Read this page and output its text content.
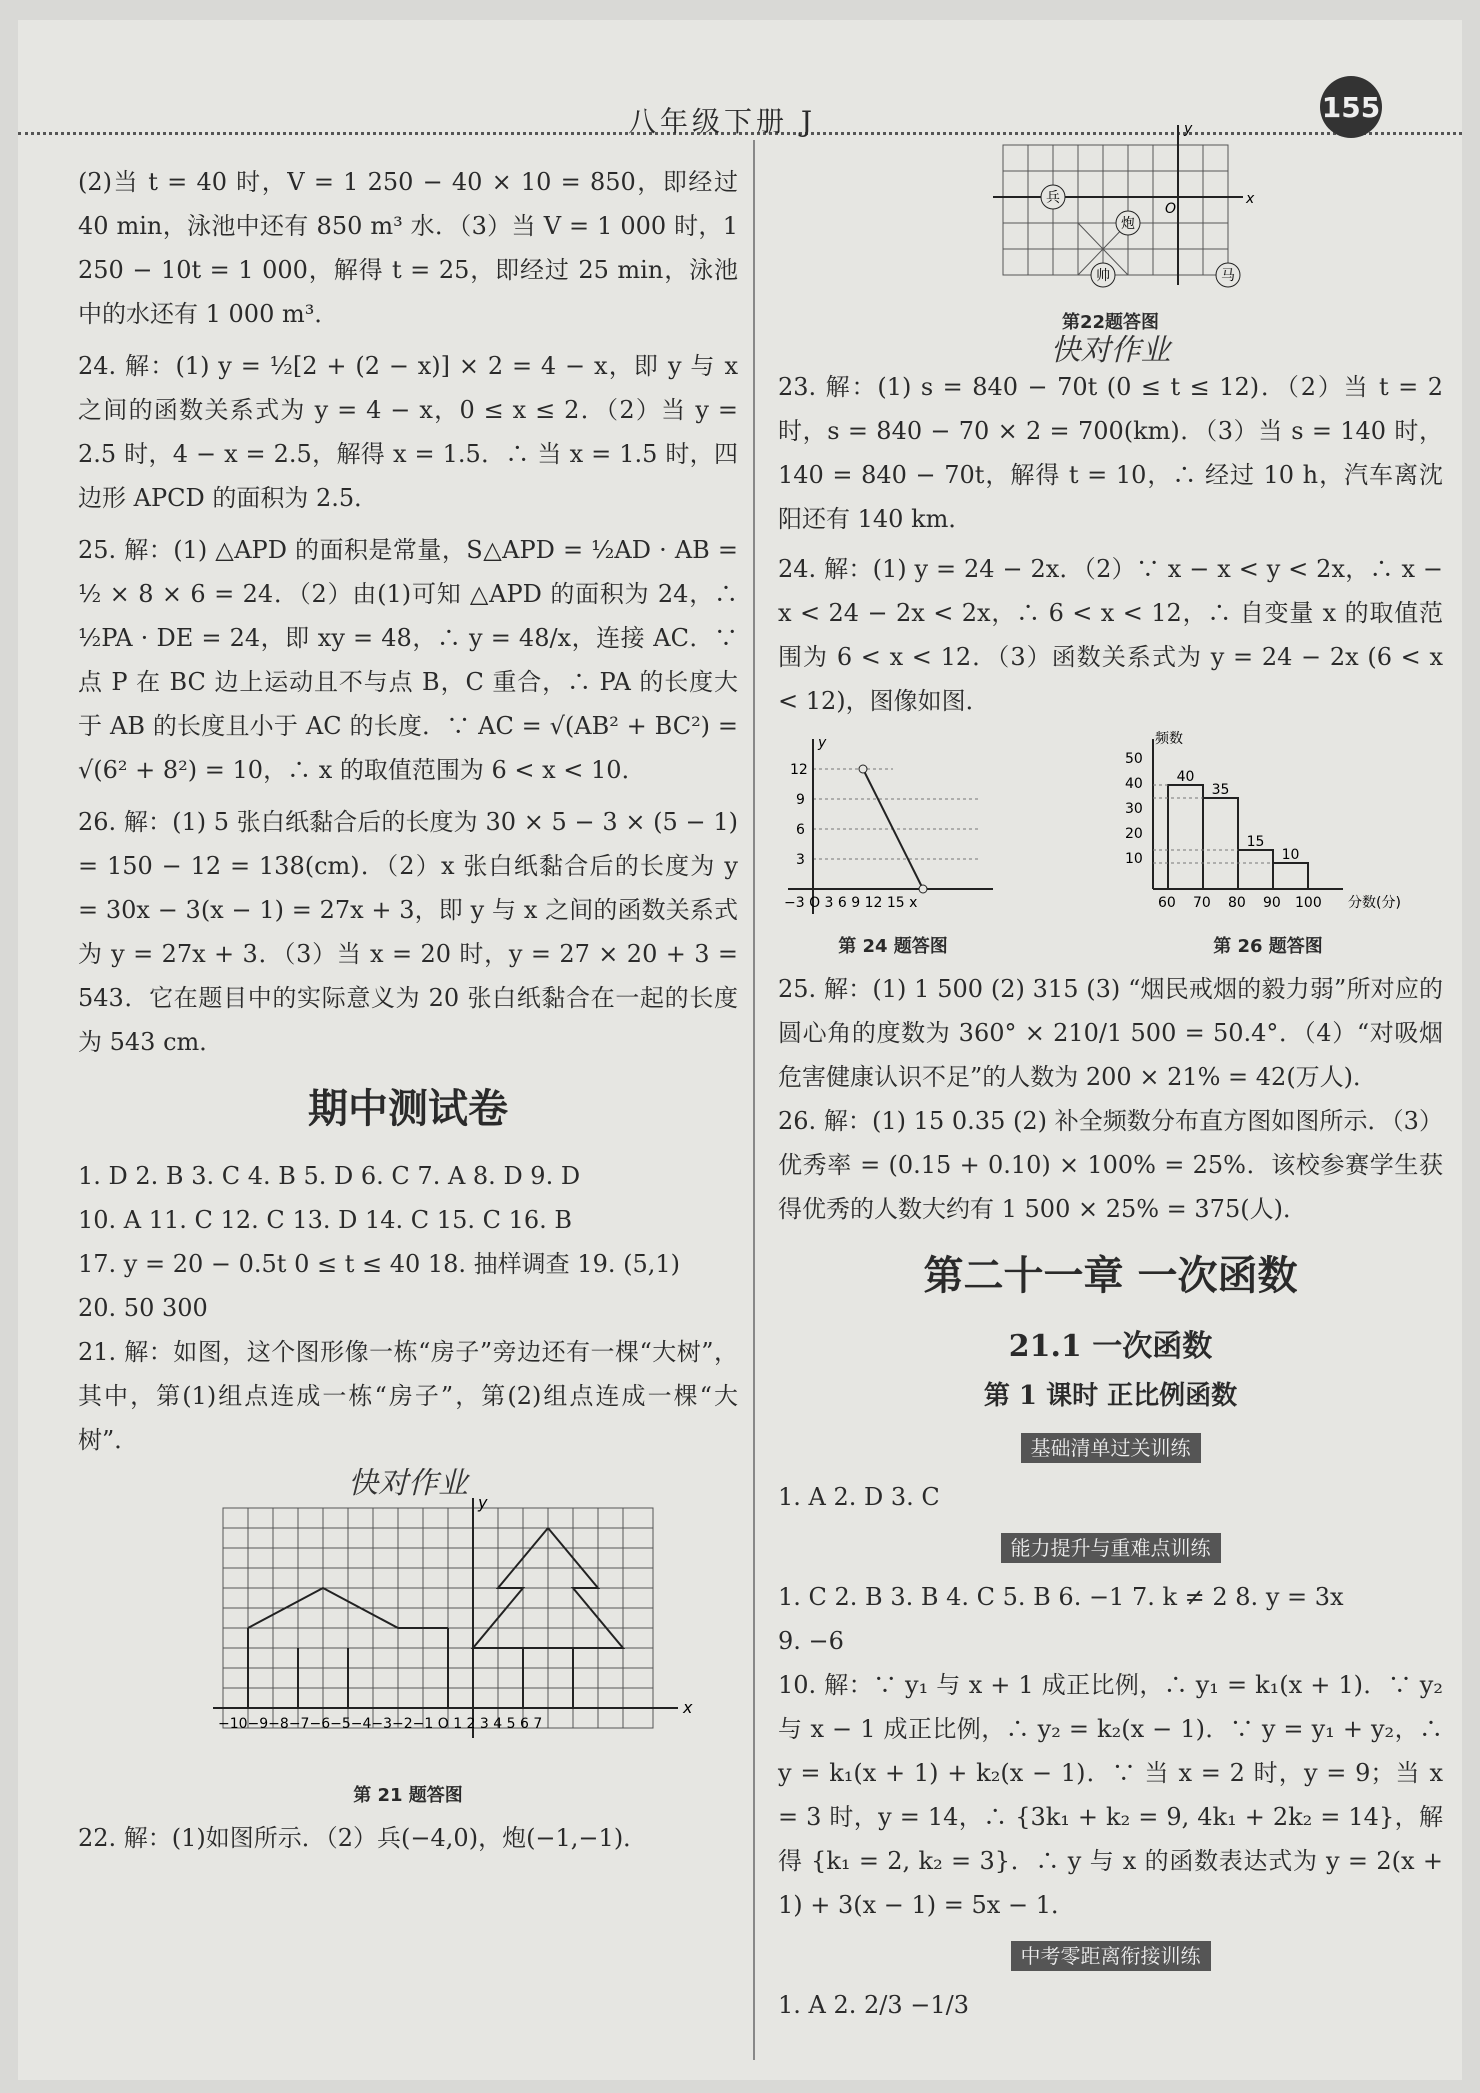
八年级下册 J	155

(2)当 t = 40 时，V = 1 250 − 40 × 10 = 850，即经过 40 min，泳池中还有 850 m³ 水．（3）当 V = 1 000 时，1 250 − 10t = 1 000，解得 t = 25，即经过 25 min，泳池中的水还有 1 000 m³．

24. 解：(1) y = ½[2 + (2 − x)] × 2 = 4 − x，即 y 与 x 之间的函数关系式为 y = 4 − x，0 ≤ x ≤ 2．（2）当 y = 2.5 时，4 − x = 2.5，解得 x = 1.5．∴ 当 x = 1.5 时，四边形 APCD 的面积为 2.5．

25. 解：(1) △APD 的面积是常量，S△APD = ½AD · AB = ½ × 8 × 6 = 24．（2）由(1)可知 △APD 的面积为 24，∴ ½PA · DE = 24，即 xy = 48，∴ y = 48/x，连接 AC．∵ 点 P 在 BC 边上运动且不与点 B，C 重合，∴ PA 的长度大于 AB 的长度且小于 AC 的长度．∵ AC = √(AB² + BC²) = √(6² + 8²) = 10，∴ x 的取值范围为 6 < x < 10．

26. 解：(1) 5 张白纸黏合后的长度为 30 × 5 − 3 × (5 − 1) = 150 − 12 = 138(cm)．（2）x 张白纸黏合后的长度为 y = 30x − 3(x − 1) = 27x + 3，即 y 与 x 之间的函数关系式为 y = 27x + 3．（3）当 x = 20 时，y = 27 × 20 + 3 = 543．它在题目中的实际意义为 20 张白纸黏合在一起的长度为 543 cm．

期中测试卷

1. D 2. B 3. C 4. B 5. D 6. C 7. A 8. D 9. D

10. A 11. C 12. C 13. D 14. C 15. C 16. B

17. y = 20 − 0.5t 0 ≤ t ≤ 40 18. 抽样调查 19. (5,1)

20. 50 300

21. 解：如图，这个图形像一栋“房子”旁边还有一棵“大树”，其中，第(1)组点连成一栋“房子”，第(2)组点连成一棵“大树”．

快对作业
−10−9−8−7−6−5−4−3−2−1 O 1 2 3 4 5 6 7
x
y
第 21 题答图

22. 解：(1)如图所示．（2）兵(−4,0)，炮(−1,−1)．

兵
炮
帅	马
O
x
y
第22题答图
快对作业

23. 解：(1) s = 840 − 70t (0 ≤ t ≤ 12)．（2）当 t = 2 时，s = 840 − 70 × 2 = 700(km)．（3）当 s = 140 时，140 = 840 − 70t，解得 t = 10，∴ 经过 10 h，汽车离沈阳还有 140 km．

24. 解：(1) y = 24 − 2x．（2）∵ x − x < y < 2x，∴ x − x < 24 − 2x < 2x，∴ 6 < x < 12，∴ 自变量 x 的取值范围为 6 < x < 12．（3）函数关系式为 y = 24 − 2x (6 < x < 12)，图像如图．

12
9
6
3
−3 O 3 6 9 12 15 x
y
第 24 题答图
40
35
15
10
频数
50
40
30
20
10
60 70 80 90 100 分数(分)
第 26 题答图

25. 解：(1) 1 500 (2) 315 (3) “烟民戒烟的毅力弱”所对应的圆心角的度数为 360° × 210/1 500 = 50.4°．（4）“对吸烟危害健康认识不足”的人数为 200 × 21% = 42(万人)．

26. 解：(1) 15 0.35 (2) 补全频数分布直方图如图所示．（3）优秀率 = (0.15 + 0.10) × 100% = 25%．该校参赛学生获得优秀的人数大约有 1 500 × 25% = 375(人)．

第二十一章 一次函数
21.1 一次函数
第 1 课时 正比例函数
基础清单过关训练

1. A 2. D 3. C

能力提升与重难点训练

1. C 2. B 3. B 4. C 5. B 6. −1 7. k ≠ 2 8. y = 3x

9. −6

10. 解：∵ y₁ 与 x + 1 成正比例，∴ y₁ = k₁(x + 1)．∵ y₂ 与 x − 1 成正比例，∴ y₂ = k₂(x − 1)．∵ y = y₁ + y₂，∴ y = k₁(x + 1) + k₂(x − 1)．∵ 当 x = 2 时，y = 9；当 x = 3 时，y = 14，∴ {3k₁ + k₂ = 9, 4k₁ + 2k₂ = 14}，解得 {k₁ = 2, k₂ = 3}．∴ y 与 x 的函数表达式为 y = 2(x + 1) + 3(x − 1) = 5x − 1．

中考零距离衔接训练

1. A 2. 2/3 −1/3
